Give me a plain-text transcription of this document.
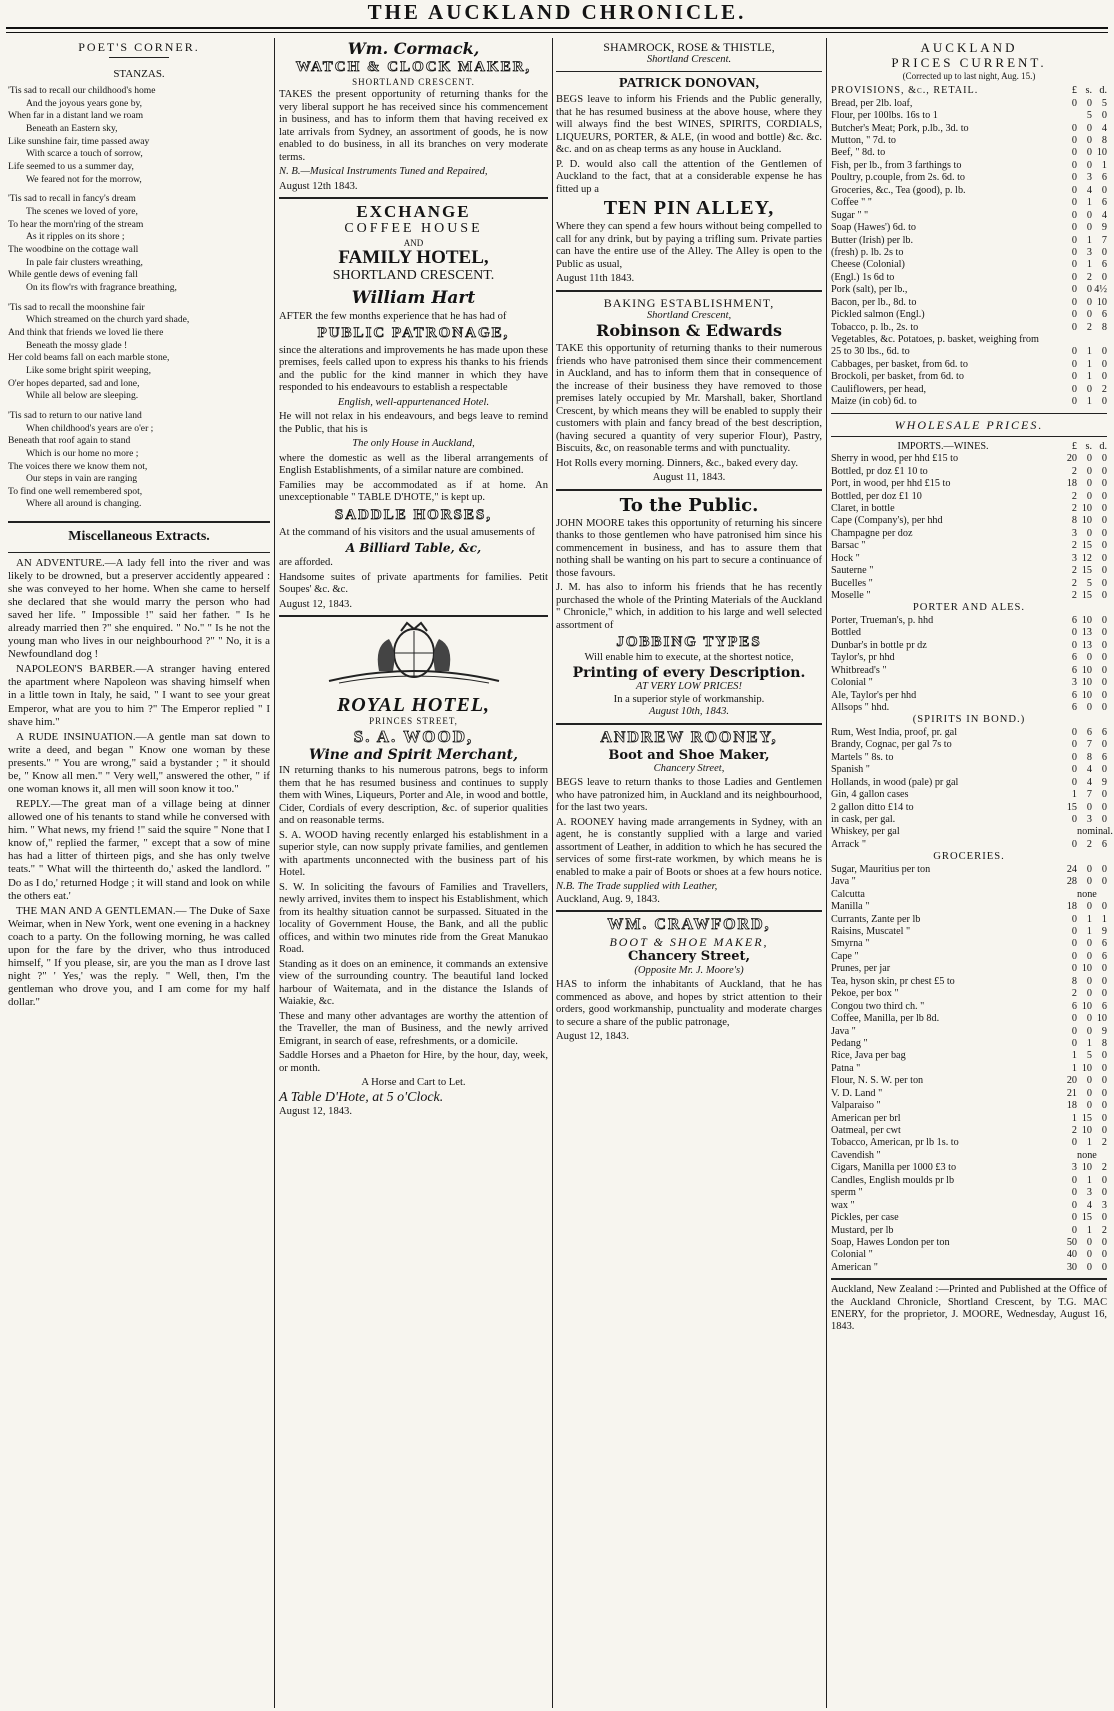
THE AUCKLAND CHRONICLE.
POET'S CORNER.
STANZAS.
'Tis sad to recall our childhood's home
And the joyous years gone by,
When far in a distant land we roam
Beneath an Eastern sky,
Like sunshine fair, time passed away
With scarce a touch of sorrow,
Life seemed to us a summer day,
We feared not for the morrow,
'Tis sad to recall in fancy's dream
The scenes we loved of yore,
To hear the morn'ring of the stream
As it ripples on its shore ;
The woodbine on the cottage wall
In pale fair clusters wreathing,
While gentle dews of evening fall
On its flow'rs with fragrance breathing,
'Tis sad to recall the moonshine fair
Which streamed on the church yard shade,
And think that friends we loved lie there
Beneath the mossy glade !
Her cold beams fall on each marble stone,
Like some bright spirit weeping,
O'er hopes departed, sad and lone,
While all below are sleeping.
'Tis sad to return to our native land
When childhood's years are o'er ;
Beneath that roof again to stand
Which is our home no more ;
The voices there we know them not,
Our steps in vain are ranging
To find one well remembered spot,
Where all around is changing.
Miscellaneous Extracts.

AN ADVENTURE.—A lady fell into the river and was likely to be drowned, but a preserver accidently appeared : she was conveyed to her home. When she came to herself she declared that she would marry the person who had saved her life. " Impossible !" said her father. " Is he already married then ?" she enquired. " No." " Is he not the young man who lives in our neighbourhood ?" " No, it is a Newfoundland dog !

NAPOLEON'S BARBER.—A stranger having entered the apartment where Napoleon was shaving himself when in a little town in Italy, he said, " I want to see your great Emperor, what are you to him ?" The Emperor replied " I shave him."

A RUDE INSINUATION.—A gentle man sat down to write a deed, and began " Know one woman by these presents." " You are wrong," said a bystander ; " it should be, " Know all men." " Very well," answered the other, " if one woman knows it, all men will soon know it too."

REPLY.—The great man of a village being at dinner allowed one of his tenants to stand while he conversed with him. " What news, my friend !" said the squire " None that I know of," replied the farmer, " except that a sow of mine has had a litter of thirteen pigs, and she has only twelve teats." " What will the thirteenth do,' asked the landlord. " Do as I do,' returned Hodge ; it will stand and look on while the others eat.'

THE MAN AND A GENTLEMAN.— The Duke of Saxe Weimar, when in New York, went one evening in a hackney coach to a party. On the following morning, he was called upon for the fare by the driver, who thus introduced himself, " If you please, sir, are you the man as I drove last night ?" ' Yes,' was the reply. " Well, then, I'm the gentleman who drove you, and I am come for my half dollar."

Wm. Cormack,
WATCH & CLOCK MAKER,
SHORTLAND CRESCENT.

TAKES the present opportunity of returning thanks for the very liberal support he has received since his commencement in business, and has to inform them that having received ex late arrivals from Sydney, an assortment of goods, he is now enabled to do business, in all its branches on very moderate terms.

N. B.—Musical Instruments Tuned and Repaired,

August 12th 1843.
EXCHANGE
COFFEE HOUSE
AND
FAMILY HOTEL,
SHORTLAND CRESCENT.
William Hart

AFTER the few months experience that he has had of

PUBLIC PATRONAGE,

since the alterations and improvements he has made upon these premises, feels called upon to express his thanks to his friends and the public for the kind manner in which they have responded to his endeavours to establish a respectable

English, well-appurtenanced Hotel.

He will not relax in his endeavours, and begs leave to remind the Public, that his is

The only House in Auckland,

where the domestic as well as the liberal arrangements of English Establishments, of a similar nature are combined.

Families may be accommodated as if at home. An unexceptionable " TABLE D'HOTE," is kept up.

SADDLE HORSES,

At the command of his visitors and the usual amusements of

A Billiard Table, &c,

are afforded.

Handsome suites of private apartments for families. Petit Soupes' &c. &c.

August 12, 1843.
ROYAL HOTEL,
PRINCES STREET,
S. A. WOOD,
Wine and Spirit Merchant,

IN returning thanks to his numerous patrons, begs to inform them that he has resumed business and continues to supply them with Wines, Liqueurs, Porter and Ale, in wood and bottle, Cider, Cordials of every description, &c. of superior qualities and on reasonable terms.

S. A. WOOD having recently enlarged his establishment in a superior style, can now supply private families, and gentlemen with apartments unconnected with the business part of his Hotel.

S. W. In soliciting the favours of Families and Travellers, newly arrived, invites them to inspect his Establishment, which from its healthy situation cannot be surpassed. Situated in the locality of Government House, the Bank, and all the public offices, and within two minutes ride from the Great Manukao Road.

Standing as it does on an eminence, it commands an extensive view of the surrounding country. The beautiful land locked harbour of Waitemata, and in the distance the Islands of Waiakie, &c.

These and many other advantages are worthy the attention of the Traveller, the man of Business, and the newly arrived Emigrant, in search of ease, refreshments, or a domicile.

Saddle Horses and a Phaeton for Hire, by the hour, day, week, or month.

A Horse and Cart to Let.
A Table D'Hote, at 5 o'Clock.
August 12, 1843.
SHAMROCK, ROSE & THISTLE,
Shortland Crescent.
PATRICK DONOVAN,

BEGS leave to inform his Friends and the Public generally, that he has resumed business at the above house, where they will always find the best WINES, SPIRITS, CORDIALS, LIQUEURS, PORTER, & ALE, (in wood and bottle) &c. &c. &c. and on as cheap terms as any house in Auckland.

P. D. would also call the attention of the Gentlemen of Auckland to the fact, that at a considerable expense he has fitted up a

TEN PIN ALLEY,

Where they can spend a few hours without being compelled to call for any drink, but by paying a trifling sum. Private parties can have the entire use of the Alley. The Alley is open to the Public as usual,

August 11th 1843.
BAKING ESTABLISHMENT,
Shortland Crescent,
Robinson & Edwards

TAKE this opportunity of returning thanks to their numerous friends who have patronised them since their commencement in Auckland, and has to inform them that in consequence of the increase of their business they have removed to those premises lately occupied by Mr. Marshall, baker, Shortland Crescent, by which means they will be enabled to supply their customers with plain and fancy bread of the best description, (having secured a quantity of very superior Flour), Pastry, Biscuits, &c, on reasonable terms and with punctuality.

Hot Rolls every morning. Dinners, &c., baked every day.

August 11, 1843.
To the Public.

JOHN MOORE takes this opportunity of returning his sincere thanks to those gentlemen who have patronised him since his commencement in business, and has to assure them that nothing shall be wanting on his part to secure a continuance of those favours.

J. M. has also to inform his friends that he has recently purchased the whole of the Printing Materials of the Auckland " Chronicle," which, in addition to his large and well selected assortment of

JOBBING TYPES
Will enable him to execute, at the shortest notice,
Printing of every Description.
AT VERY LOW PRICES!
In a superior style of workmanship.
August 10th, 1843.
ANDREW ROONEY,
Boot and Shoe Maker,
Chancery Street,

BEGS leave to return thanks to those Ladies and Gentlemen who have patronized him, in Auckland and its neighbourhood, for the last two years.

A. ROONEY having made arrangements in Sydney, with an agent, he is constantly supplied with a large and varied assortment of Leather, in addition to which he has secured the services of some first-rate workmen, by which means he is enabled to make a pair of Boots or shoes at a few hours notice.

N.B. The Trade supplied with Leather,
Auckland, Aug. 9, 1843.
WM. CRAWFORD,
BOOT & SHOE MAKER,
Chancery Street,
(Opposite Mr. J. Moore's)

HAS to inform the inhabitants of Auckland, that he has commenced as above, and hopes by strict attention to their orders, good workmanship, punctuality and moderate charges to secure a share of the public patronage,

August 12, 1843.
AUCKLAND
PRICES CURRENT.
(Corrected up to last night, Aug. 15.)
PROVISIONS, &c., RETAIL.	£ s. d.
Bread, per 2lb. loaf,	0 0 5
Flour, per 100lbs. 16s to 1	5 0
Butcher's Meat; Pork, p.lb., 3d. to	0 0 4
Mutton, " 7d. to	0 0 8
Beef, " 8d. to	0 0 10
Fish, per lb., from 3 farthings to	0 0 1
Poultry, p.couple, from 2s. 6d. to	0 3 6
Groceries, &c., Tea (good), p. lb.	0 4 0
Coffee " "	0 1 6
Sugar " "	0 0 4
Soap (Hawes') 6d. to	0 0 9
Butter (Irish) per lb.	0 1 7
(fresh) p. lb. 2s to	0 3 0
Cheese (Colonial)	0 1 6
(Engl.) 1s 6d to	0 2 0
Pork (salt), per lb.,	0 0 4½
Bacon, per lb., 8d. to	0 0 10
Pickled salmon (Engl.)	0 0 6
Tobacco, p. lb., 2s. to	0 2 8
Vegetables, &c. Potatoes, p. basket, weighing from
25 to 30 lbs., 6d. to	0 1 0
Cabbages, per basket, from 6d. to	0 1 0
Brockoli, per basket, from 6d. to	0 1 0
Cauliflowers, per head,	0 0 2
Maize (in cob) 6d. to	0 1 0
WHOLESALE PRICES.
IMPORTS.—WINES.	£ s. d.
Sherry in wood, per hhd £15 to	20 0 0
Bottled, pr doz £1 10 to	2 0 0
Port, in wood, per hhd £15 to	18 0 0
Bottled, per doz £1 10	2 0 0
Claret, in bottle	2 10 0
Cape (Company's), per hhd	8 10 0
Champagne per doz	3 0 0
Barsac "	2 15 0
Hock "	3 12 0
Sauterne "	2 15 0
Bucelles "	2 5 0
Moselle "	2 15 0
PORTER AND ALES.
Porter, Trueman's, p. hhd	6 10 0
Bottled	0 13 0
Dunbar's in bottle pr dz	0 13 0
Taylor's, pr hhd	6 0 0
Whitbread's "	6 10 0
Colonial "	3 10 0
Ale, Taylor's per hhd	6 10 0
Allsops " hhd.	6 0 0
(SPIRITS IN BOND.)
Rum, West India, proof, pr. gal	0 6 6
Brandy, Cognac, per gal 7s to	0 7 0
Martels " 8s. to	0 8 6
Spanish "	0 4 0
Hollands, in wood (pale) pr gal	0 4 9
Gin, 4 gallon cases	1 7 0
2 gallon ditto £14 to	15 0 0
in cask, per gal.	0 3 0
Whiskey, per gal	nominal.
Arrack "	0 2 6
GROCERIES.
Sugar, Mauritius per ton	24 0 0
Java "	28 0 0
Calcutta	none
Manilla "	18 0 0
Currants, Zante per lb	0 1 1
Raisins, Muscatel "	0 1 9
Smyrna "	0 0 6
Cape "	0 0 6
Prunes, per jar	0 10 0
Tea, hyson skin, pr chest £5 to	8 0 0
Pekoe, per box "	2 0 0
Congou two third ch. "	6 10 6
Coffee, Manilla, per lb 8d.	0 0 10
Java "	0 0 9
Pedang "	0 1 8
Rice, Java per bag	1 5 0
Patna "	1 10 0
Flour, N. S. W. per ton	20 0 0
V. D. Land "	21 0 0
Valparaiso "	18 0 0
American per brl	1 15 0
Oatmeal, per cwt	2 10 0
Tobacco, American, pr lb 1s. to	0 1 2
Cavendish "	none
Cigars, Manilla per 1000 £3 to	3 10 2
Candles, English moulds pr lb	0 1 0
sperm "	0 3 0
wax "	0 4 3
Pickles, per case	0 15 0
Mustard, per lb	0 1 2
Soap, Hawes London per ton	50 0 0
Colonial "	40 0 0
American "	30 0 0

Auckland, New Zealand :—Printed and Published at the Office of the Auckland Chronicle, Shortland Crescent, by T.G. MAC ENERY, for the proprietor, J. MOORE, Wednesday, August 16, 1843.
